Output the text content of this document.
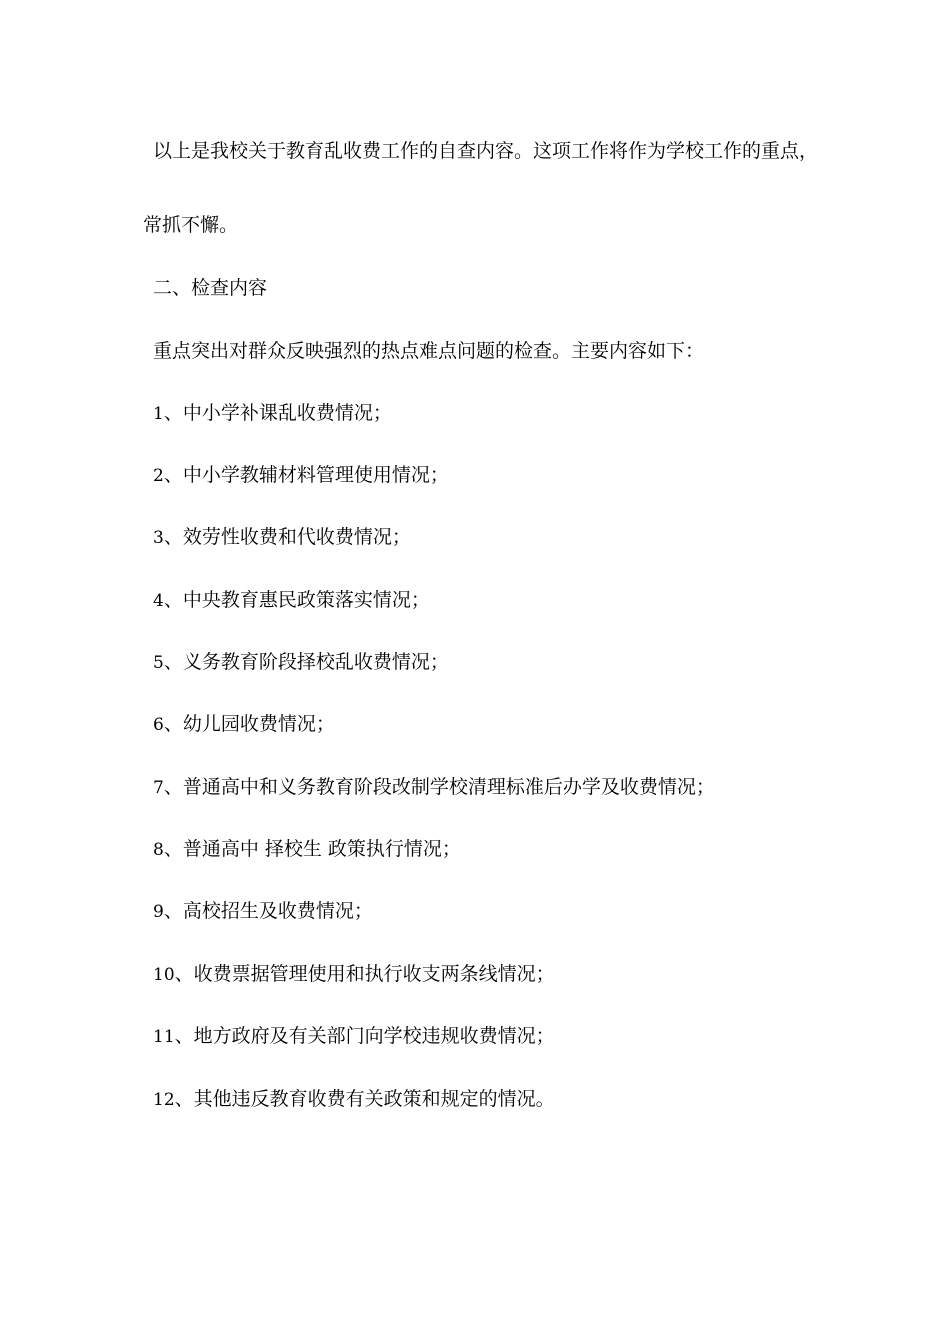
以上是我校关于教育乱收费工作的自查内容。这项工作将作为学校工作的重点，
常抓不懈。
二、检查内容
重点突出对群众反映强烈的热点难点问题的检查。主要内容如下：
1、中小学补课乱收费情况；
2、中小学教辅材料管理使用情况；
3、效劳性收费和代收费情况；
4、中央教育惠民政策落实情况；
5、义务教育阶段择校乱收费情况；
6、幼儿园收费情况；
7、普通高中和义务教育阶段改制学校清理标准后办学及收费情况；
8、普通高中 择校生 政策执行情况；
9、高校招生及收费情况；
10、收费票据管理使用和执行收支两条线情况；
11、地方政府及有关部门向学校违规收费情况；
12、其他违反教育收费有关政策和规定的情况。
